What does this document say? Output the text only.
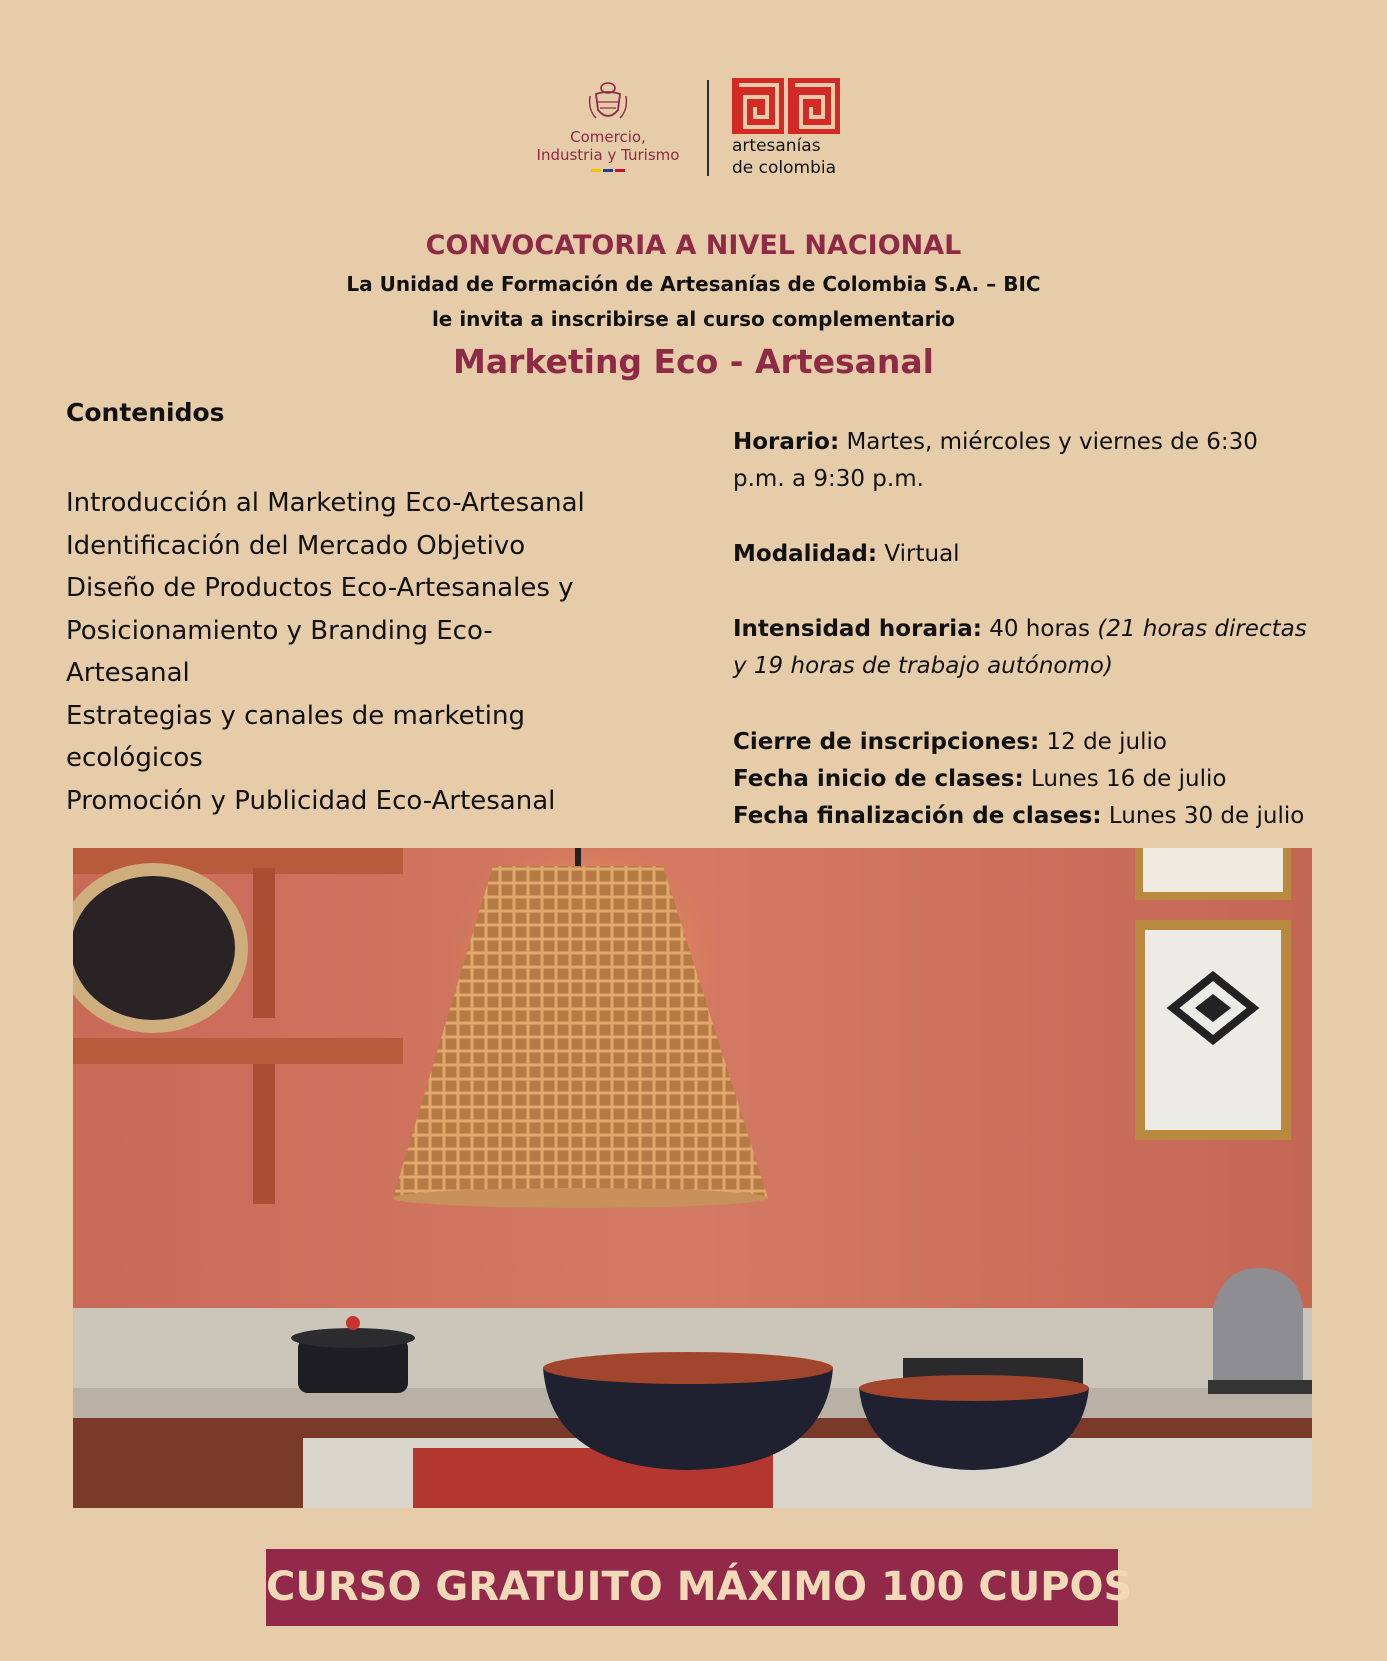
Comercio,
Industria y Turismo	artesanías
de colombia
CONVOCATORIA A NIVEL NACIONAL
La Unidad de Formación de Artesanías de Colombia S.A. – BIC
le invita a inscribirse al curso complementario
Marketing Eco - Artesanal
Contenidos
Introducción al Marketing Eco-Artesanal
Identificación del Mercado Objetivo
Diseño de Productos Eco-Artesanales y
Posicionamiento y Branding Eco-
Artesanal
Estrategias y canales de marketing
ecológicos
Promoción y Publicidad Eco-Artesanal
Horario: Martes, miércoles y viernes de 6:30
p.m. a 9:30 p.m.
Modalidad: Virtual
Intensidad horaria: 40 horas (21 horas directas
y 19 horas de trabajo autónomo)
Cierre de inscripciones: 12 de julio
Fecha inicio de clases: Lunes 16 de julio
Fecha finalización de clases: Lunes 30 de julio
CURSO GRATUITO MÁXIMO 100 CUPOS
